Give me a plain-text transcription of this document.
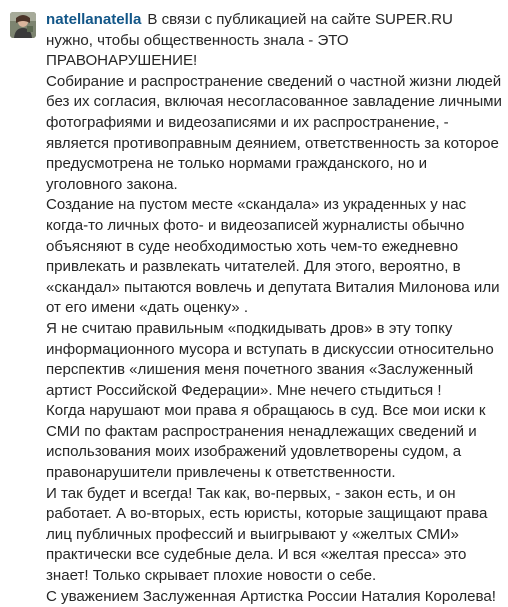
natellanatella В связи с публикацией на сайте SUPER.RU нужно, чтобы общественность знала - ЭТО ПРАВОНАРУШЕНИЕ!

Собирание и распространение сведений о частной жизни людей без их согласия, включая несогласованное завладение личными фотографиями и видеозаписями и их распространение, - является противоправным деянием, ответственность за которое предусмотрена не только нормами гражданского, но и уголовного закона.

Создание на пустом месте «скандала» из украденных у нас когда-то личных фото- и видеозаписей журналисты обычно объясняют в суде необходимостью хоть чем-то ежедневно привлекать и развлекать читателей. Для этого, вероятно, в «скандал» пытаются вовлечь и депутата Виталия Милонова или от его имени «дать оценку» .

Я не считаю правильным «подкидывать дров» в эту топку информационного мусора и вступать в дискуссии относительно перспектив «лишения меня почетного звания «Заслуженный артист Российской Федерации». Мне нечего стыдиться !

Когда нарушают мои права я обращаюсь в суд. Все мои иски к СМИ по фактам распространения ненадлежащих сведений и использования моих изображений удовлетворены судом, а правонарушители привлечены к ответственности.

И так будет и всегда! Так как, во-первых, - закон есть, и он работает. А во-вторых, есть юристы, которые защищают права лиц публичных профессий и выигрывают у «желтых СМИ» практически все судебные дела. И вся «желтая пресса» это знает! Только скрывает плохие новости о себе.

С уважением Заслуженная Артистка России Наталия Королева!
